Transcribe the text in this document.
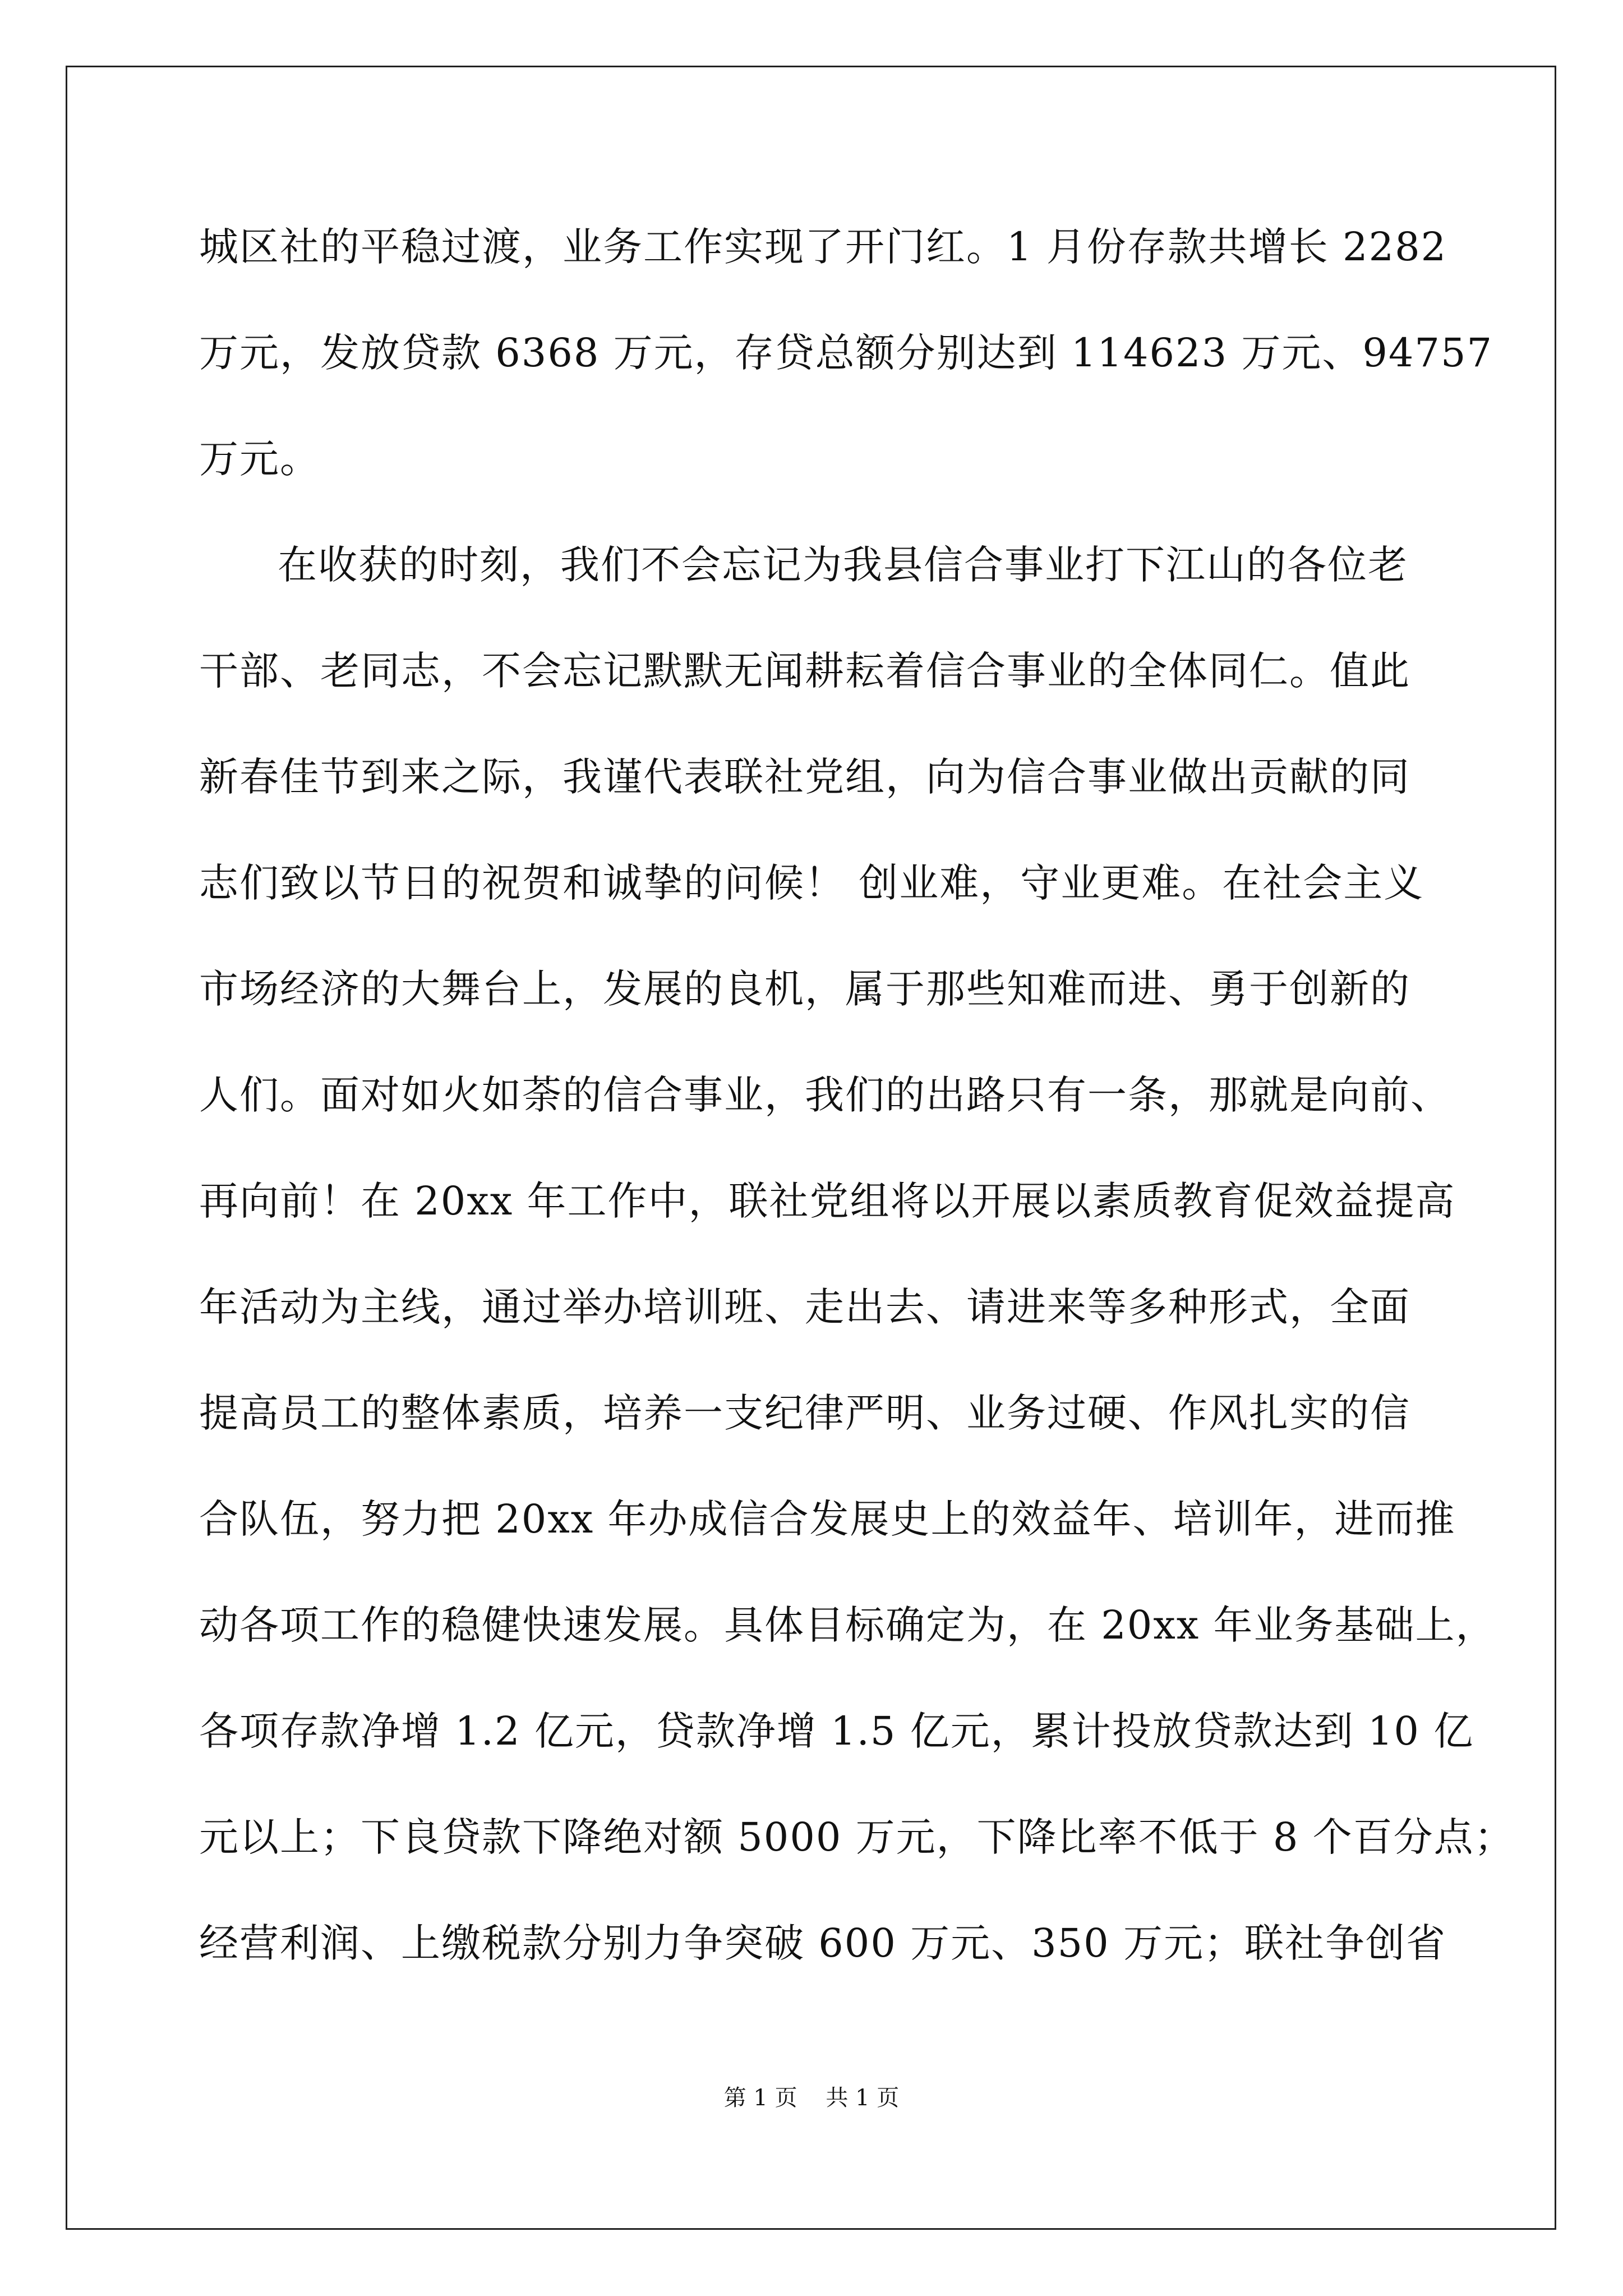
城区社的平稳过渡，业务工作实现了开门红。1 月份存款共增长 2282
万元，发放贷款 6368 万元，存贷总额分别达到 114623 万元、94757
万元。
在收获的时刻，我们不会忘记为我县信合事业打下江山的各位老
干部、老同志，不会忘记默默无闻耕耘着信合事业的全体同仁。值此
新春佳节到来之际，我谨代表联社党组，向为信合事业做出贡献的同
志们致以节日的祝贺和诚挚的问候！ 创业难，守业更难。在社会主义
市场经济的大舞台上，发展的良机，属于那些知难而进、勇于创新的
人们。面对如火如荼的信合事业，我们的出路只有一条，那就是向前、
再向前！在 20xx 年工作中，联社党组将以开展以素质教育促效益提高
年活动为主线，通过举办培训班、走出去、请进来等多种形式，全面
提高员工的整体素质，培养一支纪律严明、业务过硬、作风扎实的信
合队伍，努力把 20xx 年办成信合发展史上的效益年、培训年，进而推
动各项工作的稳健快速发展。具体目标确定为，在 20xx 年业务基础上，
各项存款净增 1.2 亿元，贷款净增 1.5 亿元，累计投放贷款达到 10 亿
元以上；下良贷款下降绝对额 5000 万元，下降比率不低于 8 个百分点；
经营利润、上缴税款分别力争突破 600 万元、350 万元；联社争创省
第 1 页    共 1 页
